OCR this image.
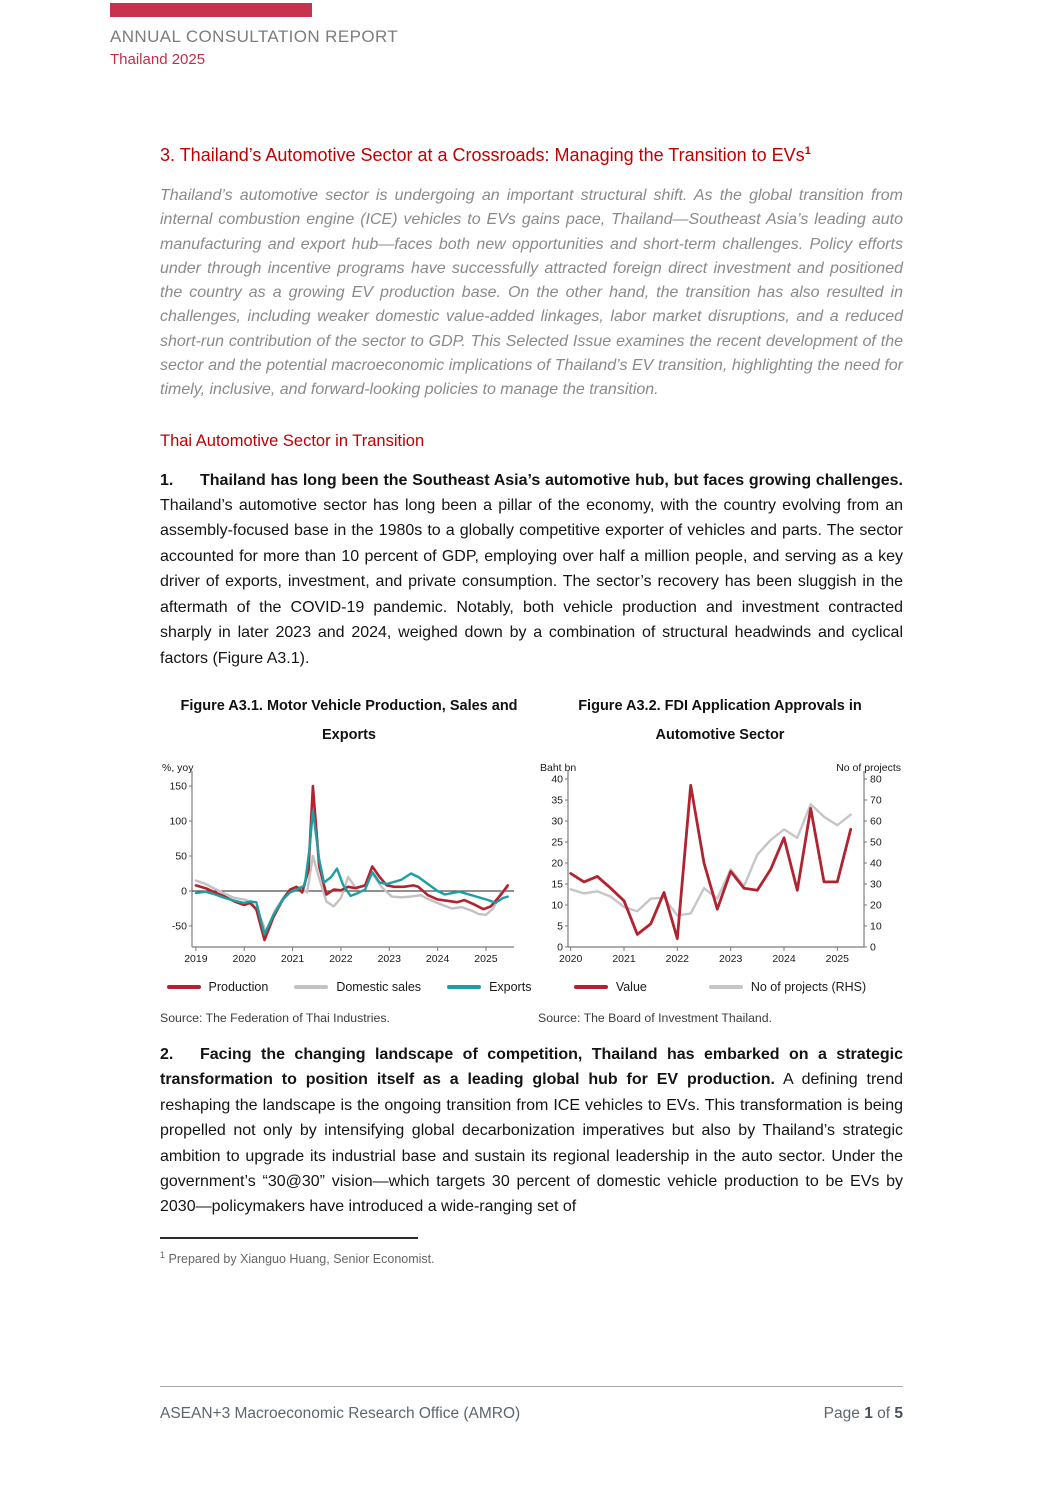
ANNUAL CONSULTATION REPORT
Thailand 2025
3. Thailand’s Automotive Sector at a Crossroads: Managing the Transition to EVs$^1$

Thailand’s automotive sector is undergoing an important structural shift. As the global transition from internal combustion engine (ICE) vehicles to EVs gains pace, Thailand—Southeast Asia’s leading auto manufacturing and export hub—faces both new opportunities and short-term challenges. Policy efforts under through incentive programs have successfully attracted foreign direct investment and positioned the country as a growing EV production base. On the other hand, the transition has also resulted in challenges, including weaker domestic value-added linkages, labor market disruptions, and a reduced short-run contribution of the sector to GDP. This Selected Issue examines the recent development of the sector and the potential macroeconomic implications of Thailand’s EV transition, highlighting the need for timely, inclusive, and forward-looking policies to manage the transition.

Thai Automotive Sector in Transition

1. Thailand has long been the Southeast Asia’s automotive hub, but faces growing challenges. Thailand’s automotive sector has long been a pillar of the economy, with the country evolving from an assembly-focused base in the 1980s to a globally competitive exporter of vehicles and parts. The sector accounted for more than 10 percent of GDP, employing over half a million people, and serving as a key driver of exports, investment, and private consumption. The sector’s recovery has been sluggish in the aftermath of the COVID-19 pandemic. Notably, both vehicle production and investment contracted sharply in later 2023 and 2024, weighed down by a combination of structural headwinds and cyclical factors (Figure A3.1).

Figure A3.1. Motor Vehicle Production, Sales and
Exports
%, yoy
150
100
50
0
-50
2019 2020 2021 2022 2023 2024 2025
Production	Domestic sales	Exports
Source: The Federation of Thai Industries.
Figure A3.2. FDI Application Approvals in
Automotive Sector
Baht bn	No of projects
40
35
30
25
20
15
10
5
0
80
70
60
50
40
30
20
10
0
2020	2021	2022	2023	2024	2025
Value	No of projects (RHS)
Source: The Board of Investment Thailand.

2. Facing the changing landscape of competition, Thailand has embarked on a strategic transformation to position itself as a leading global hub for EV production. A defining trend reshaping the landscape is the ongoing transition from ICE vehicles to EVs. This transformation is being propelled not only by intensifying global decarbonization imperatives but also by Thailand’s strategic ambition to upgrade its industrial base and sustain its regional leadership in the auto sector. Under the government’s “30@30” vision—which targets 30 percent of domestic vehicle production to be EVs by 2030—policymakers have introduced a wide-ranging set of

$^1$ Prepared by Xianguo Huang, Senior Economist.

ASEAN+3 Macroeconomic Research Office (AMRO)	Page 1 of 5
